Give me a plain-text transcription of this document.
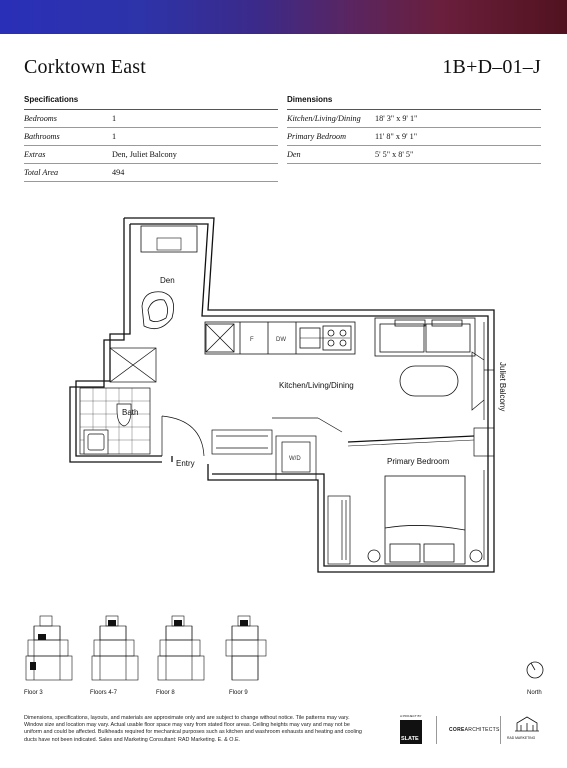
Corktown East	1B+D–01–J
Specifications
Bedrooms	1
Bathrooms	1
Extras	Den, Juliet Balcony
Total Area	494
Dimensions
Kitchen/Living/Dining 18' 3" x 9' 1"
Primary Bedroom	11' 8" x 9' 1"
Den	5' 5" x 8' 5"
Den
Kitchen/Living/Dining
Bath
Entry	Primary Bedroom
Juliet Balcony
F	DW
W/D
Floor 3	Floors 4-7	Floor 8	Floor 9	North
Dimensions, specifications, layouts, and materials are approximate only and are subject to change without notice. Tile patterns may vary. Window size and location may vary. Actual usable floor space may vary from stated floor areas. Ceiling heights may vary and may not be uniform and could be affected. Bulkheads required for mechanical purposes such as kitchen and washroom exhausts and heating and cooling ducts have not been indicated. Sales and Marketing Consultant: RAD Marketing. E. & O.E.
A PROJECT BY
SLATE
COREARCHITECTS
RAD MARKETING
